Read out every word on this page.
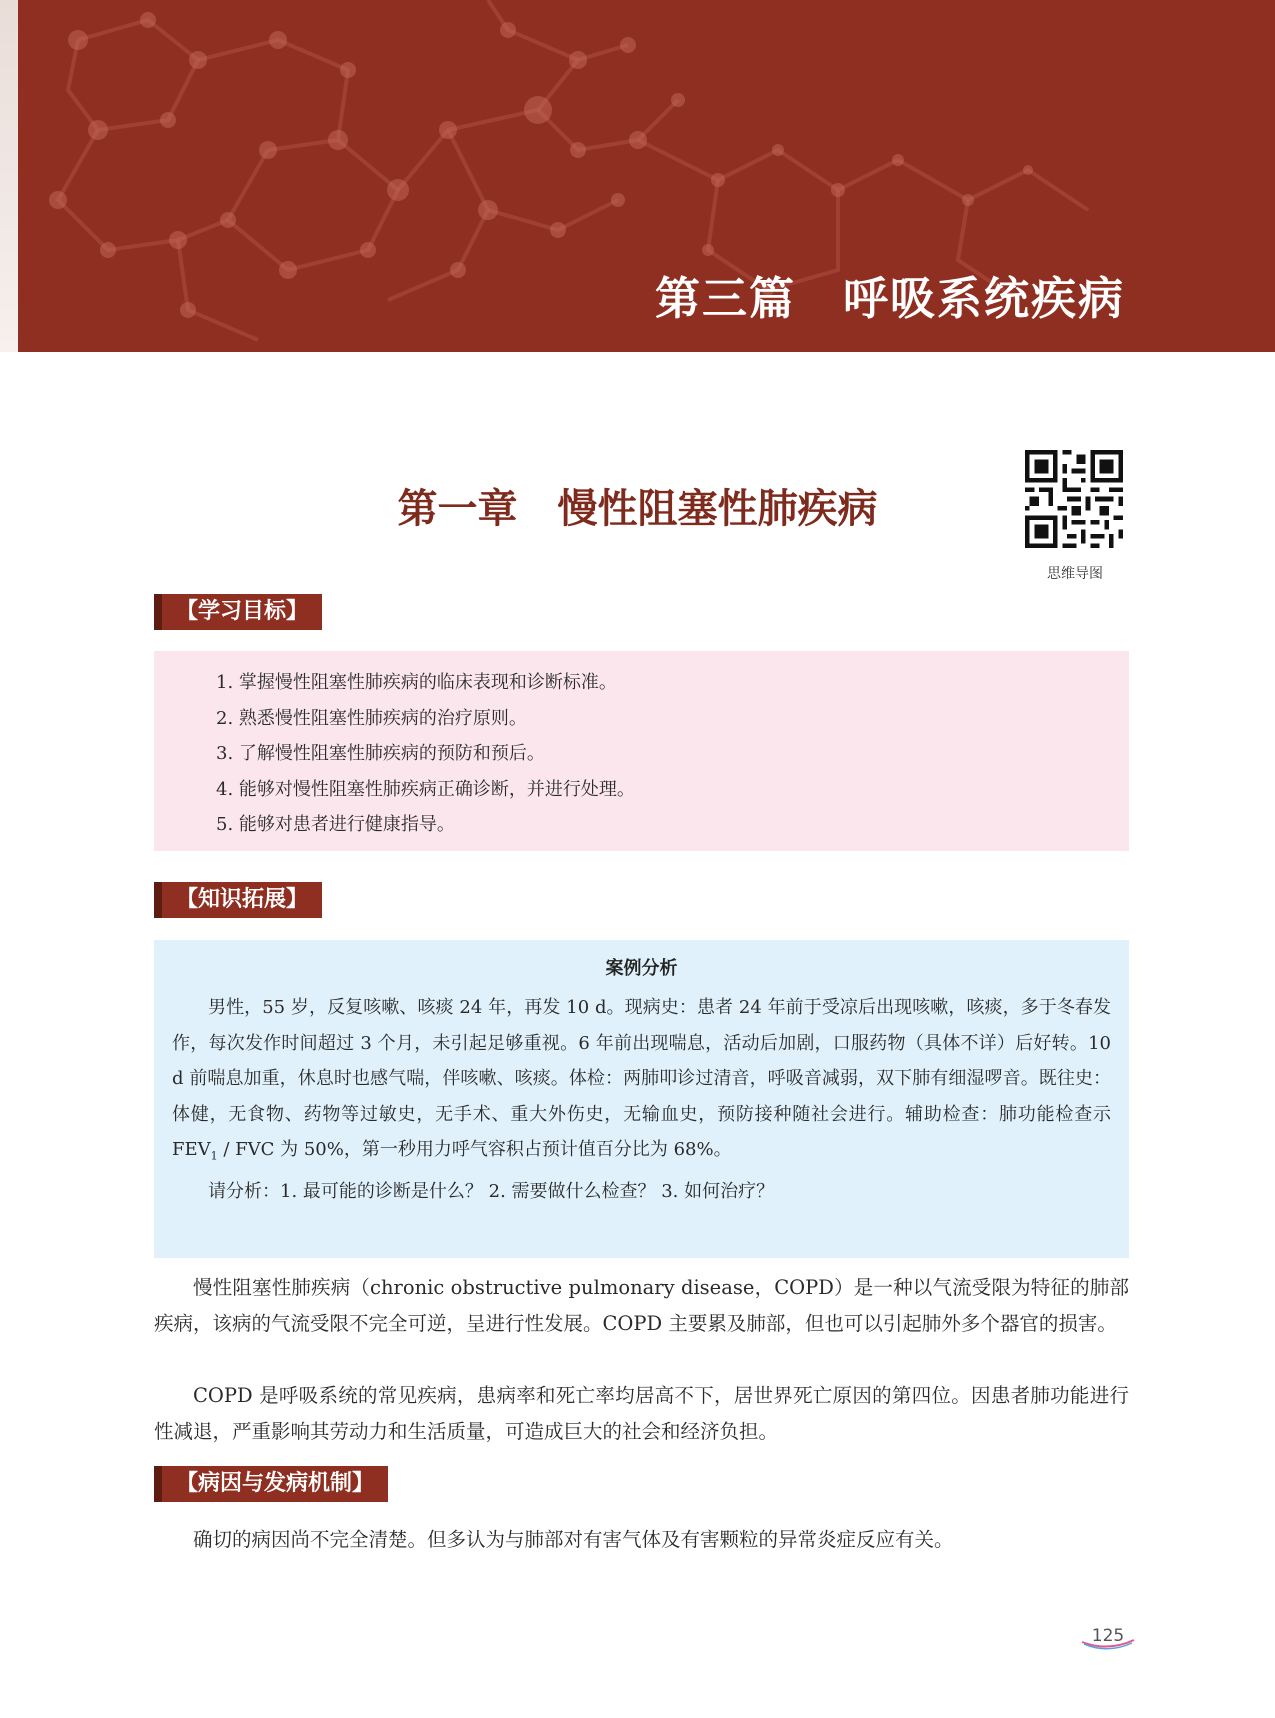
第三篇　呼吸系统疾病
第一章　慢性阻塞性肺疾病
思维导图
【学习目标】
1. 掌握慢性阻塞性肺疾病的临床表现和诊断标准。
2. 熟悉慢性阻塞性肺疾病的治疗原则。
3. 了解慢性阻塞性肺疾病的预防和预后。
4. 能够对慢性阻塞性肺疾病正确诊断，并进行处理。
5. 能够对患者进行健康指导。
【知识拓展】
案例分析
男性，55 岁，反复咳嗽、咳痰 24 年，再发 10 d。现病史：患者 24 年前于受凉后出现咳嗽，咳痰，多于冬春发作，每次发作时间超过 3 个月，未引起足够重视。6 年前出现喘息，活动后加剧，口服药物（具体不详）后好转。10 d 前喘息加重，休息时也感气喘，伴咳嗽、咳痰。体检：两肺叩诊过清音，呼吸音减弱，双下肺有细湿啰音。既往史：体健，无食物、药物等过敏史，无手术、重大外伤史，无输血史，预防接种随社会进行。辅助检查：肺功能检查示 $FEV_1$ / FVC 为 50%，第一秒用力呼气容积占预计值百分比为 68%。
请分析：1. 最可能的诊断是什么？ 2. 需要做什么检查？ 3. 如何治疗？
慢性阻塞性肺疾病（chronic obstructive pulmonary disease，COPD）是一种以气流受限为特征的肺部疾病，该病的气流受限不完全可逆，呈进行性发展。COPD 主要累及肺部，但也可以引起肺外多个器官的损害。
COPD 是呼吸系统的常见疾病，患病率和死亡率均居高不下，居世界死亡原因的第四位。因患者肺功能进行性减退，严重影响其劳动力和生活质量，可造成巨大的社会和经济负担。
【病因与发病机制】
确切的病因尚不完全清楚。但多认为与肺部对有害气体及有害颗粒的异常炎症反应有关。
125
